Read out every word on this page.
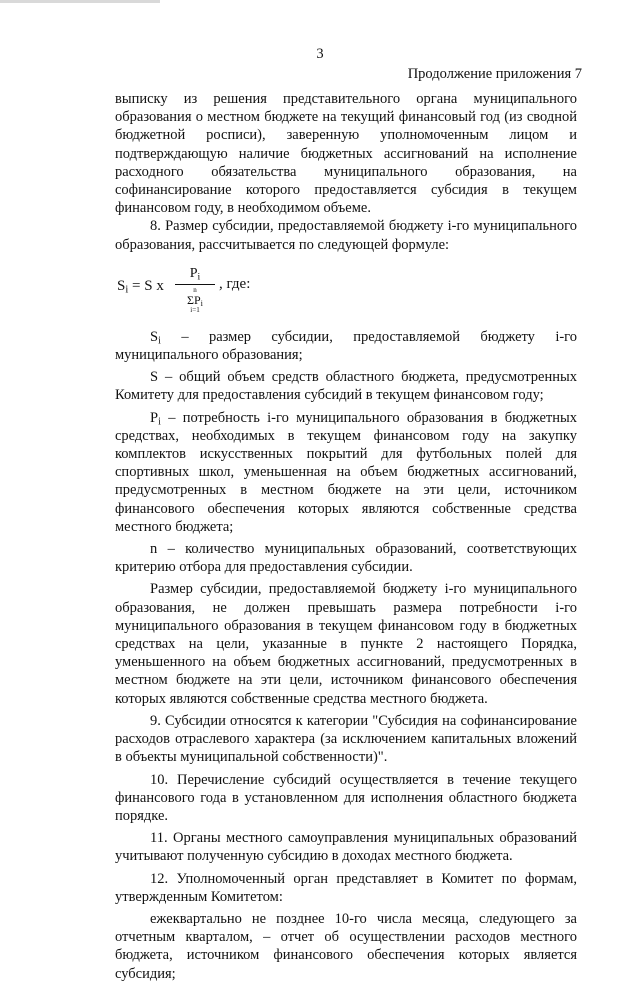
3
Продолжение приложения 7

выписку из решения представительного органа муниципального образования о местном бюджете на текущий финансовый год (из сводной бюджетной росписи), заверенную уполномоченным лицом и подтверждающую наличие бюджетных ассигнований на исполнение расходного обязательства муниципального образования, на софинансирование которого предоставляется субсидия в текущем финансовом году, в необходимом объеме.

8. Размер субсидии, предоставляемой бюджету i-го муниципального образования, рассчитывается по следующей формуле:

$S_i = S$ x
$P_i$
n
$\Sigma P_i$
i=1
, где:

$S_i$ – размер субсидии, предоставляемой бюджету i-го муниципального образования;

S – общий объем средств областного бюджета, предусмотренных Комитету для предоставления субсидий в текущем финансовом году;

$P_i$ – потребность i-го муниципального образования в бюджетных средствах, необходимых в текущем финансовом году на закупку комплектов искусственных покрытий для футбольных полей для спортивных школ, уменьшенная на объем бюджетных ассигнований, предусмотренных в местном бюджете на эти цели, источником финансового обеспечения которых являются собственные средства местного бюджета;

n – количество муниципальных образований, соответствующих критерию отбора для предоставления субсидии.

Размер субсидии, предоставляемой бюджету i-го муниципального образования, не должен превышать размера потребности i-го муниципального образования в текущем финансовом году в бюджетных средствах на цели, указанные в пункте 2 настоящего Порядка, уменьшенного на объем бюджетных ассигнований, предусмотренных в местном бюджете на эти цели, источником финансового обеспечения которых являются собственные средства местного бюджета.

9. Субсидии относятся к категории "Субсидия на софинансирование расходов отраслевого характера (за исключением капитальных вложений в объекты муниципальной собственности)".

10. Перечисление субсидий осуществляется в течение текущего финансового года в установленном для исполнения областного бюджета порядке.

11. Органы местного самоуправления муниципальных образований учитывают полученную субсидию в доходах местного бюджета.

12. Уполномоченный орган представляет в Комитет по формам, утвержденным Комитетом:

ежеквартально не позднее 10-го числа месяца, следующего за отчетным кварталом, – отчет об осуществлении расходов местного бюджета, источником финансового обеспечения которых является субсидия;
